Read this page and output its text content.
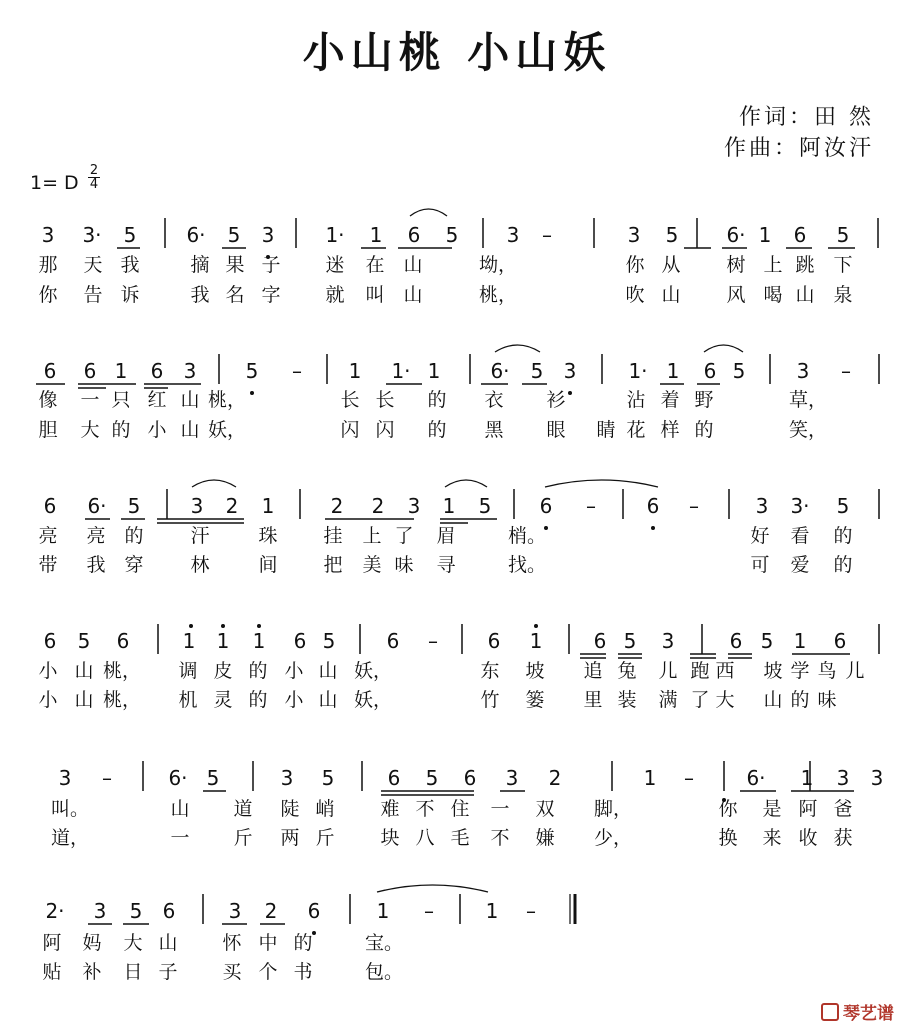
小山桃 小山妖
作词：田 然
作曲：阿汝汗
1= D
2
4
3 3· 5	6· 5 3	1· 1 6 5 3 –	3 5 6· 1 6 5
6 6 1 6 3 5 – 1 1· 1	6· 5 3	1· 1 6 5	3 –
6 6· 5	3 2 1	2 2 3 1 5 6 –	6 –	3 3· 5
6 5 6	1 1 1 6 5	6 – 6 1	6 5 3	6 5 1 6
3 –	6· 5	3 5	6 5 6 3 2	1 –	6· 1 3 3
2· 3 5 6	3 2 6	1 –	1 –
那 天 我	摘 果 子 迷 在 山	坳，	你 从 树 上 跳 下
你 告 诉	我 名 字 就 叫 山	桃，	吹 山 风 喝 山 泉
像 一 只 红 山 桃，	长 长 的 衣 衫	沾 着 野	草，
胆 大 的 小 山 妖，	闪 闪 的 黑 眼 睛 花 样 的	笑，
亮 亮 的 汗	珠 挂 上 了 眉	梢。	好 看 的
带 我 穿 林	间 把 美 味 寻	找。	可 爱 的
小 山 桃， 调 皮 的 小 山 妖，	东 坡 追 兔 儿 跑 西 坡 学 鸟 儿
小 山 桃， 机 灵 的 小 山 妖，	竹 篓 里 装 满 了 大 山 的 味
叫。	山 道 陡 峭 难 不 住 一 双 脚，	你 是 阿 爸
道，	一 斤 两 斤 块 八 毛 不 嫌 少，	换 来 收 获
阿 妈 大 山 怀 中 的	宝。
贴 补 日 子 买 个 书	包。
琴艺谱
